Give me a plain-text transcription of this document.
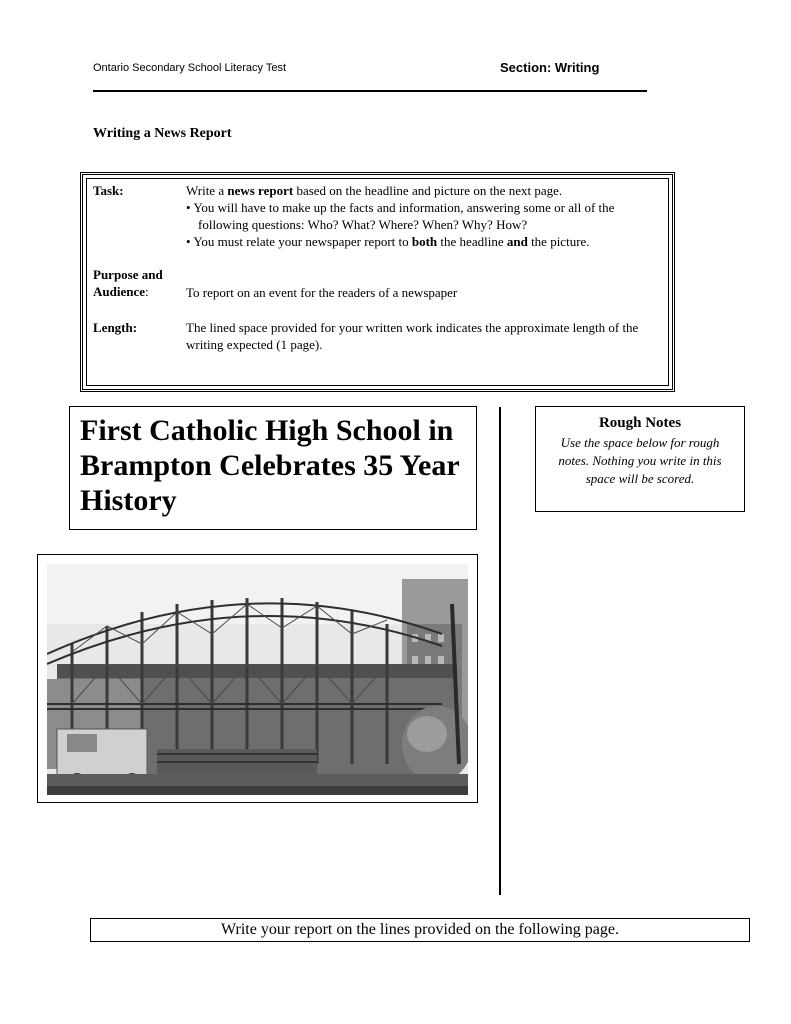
Ontario Secondary School Literacy Test	Section: Writing
Writing a News Report
Task:	Write a news report based on the headline and picture on the next page.
• You will have to make up the facts and information, answering some or all of the
following questions: Who? What? Where? When? Why? How?
• You must relate your newspaper report to both the headline and the picture.
Purpose and
Audience:	To report on an event for the readers of a newspaper
Length:	The lined space provided for your written work indicates the approximate length of the writing expected (1 page).
First Catholic High School in Brampton Celebrates 35 Year History
Rough Notes
Use the space below for rough notes. Nothing you write in this space will be scored.
Write your report on the lines provided on the following page.
